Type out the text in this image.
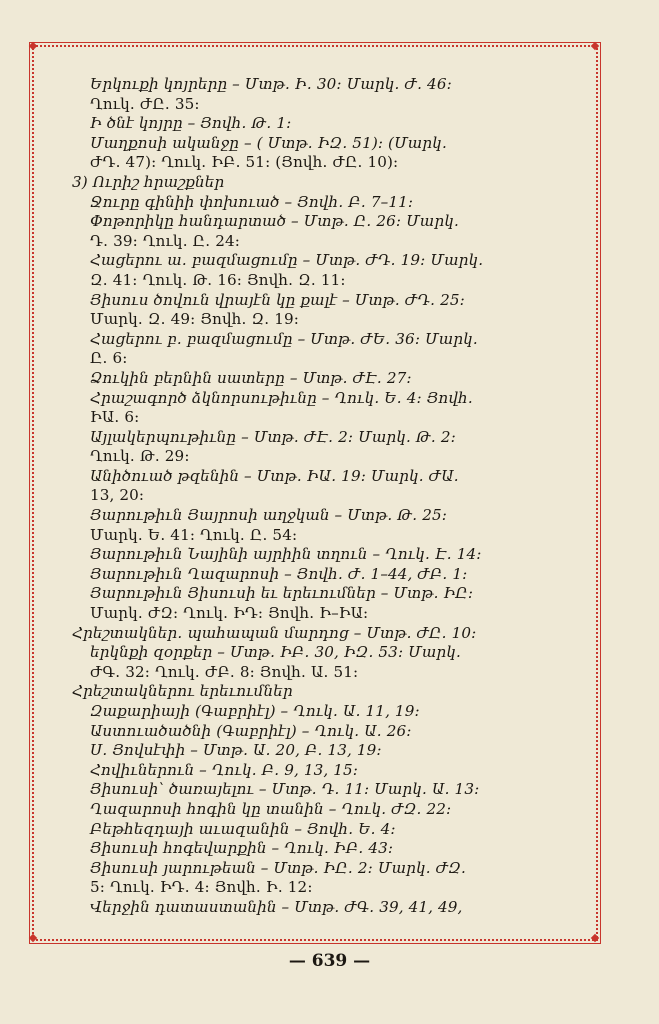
Երկուքի կոյրերը – Մտթ․ Ի․ 30։ Մարկ․ Ժ․ 46։
Ղուկ․ ԺԸ․ 35։
Ի ծնէ կոյրը – Յովհ․ Թ․ 1։
Մաղքոսի ականջը – ( Մտթ․ ԻԶ․ 51)։ (Մարկ․
ԺԴ․ 47)։ Ղուկ․ ԻԲ․ 51։ (Յովհ․ ԺԸ․ 10)։
3) Ուրիշ հրաշքներ
Ջուրը գինիի փոխուած – Յովհ․ Բ․ 7–11։
Փոթորիկը հանդարտած – Մտթ․ Ը․ 26։ Մարկ․
Դ․ 39։ Ղուկ․ Ը․ 24։
Հացերու ա․ բազմացումը – Մտթ․ ԺԴ․ 19։ Մարկ․
Զ․ 41։ Ղուկ․ Թ․ 16։ Յովհ․ Զ․ 11։
Յիսուս ծովուն վրայէն կը քալէ – Մտթ․ ԺԴ․ 25։
Մարկ․ Զ․ 49։ Յովհ․ Զ․ 19։
Հացերու բ․ բազմացումը – Մտթ․ ԺԵ․ 36։ Մարկ․
Ը․ 6։
Ձուկին բերնին սատերը – Մտթ․ ԺԷ․ 27։
Հրաշագործ ձկնորսութիւնը – Ղուկ․ Ե․ 4։ Յովհ․
ԻԱ․ 6։
Այլակերպութիւնը – Մտթ․ ԺԷ․ 2։ Մարկ․ Թ․ 2։
Ղուկ․ Թ․ 29։
Անիծուած թզենին – Մտթ․ ԻԱ․ 19։ Մարկ․ ԺԱ․
13, 20։
Յարութիւն Յայրոսի աղջկան – Մտթ․ Թ․ 25։
Մարկ․ Ե․ 41։ Ղուկ․ Ը․ 54։
Յարութիւն Նայինի այրիին տղուն – Ղուկ․ Է․ 14։
Յարութիւն Ղազարոսի – Յովհ․ Ժ․ 1–44, ԺԲ․ 1։
Յարութիւն Յիսուսի եւ երեւումներ – Մտթ․ ԻԸ։
Մարկ․ ԺԶ։ Ղուկ․ ԻԴ։ Յովհ․ Ի–ԻԱ։
Հրեշտակներ․ պահապան մարդոց – Մտթ․ ԺԸ․ 10։
երկնքի զօրքեր – Մտթ․ ԻԲ․ 30, ԻԶ․ 53։ Մարկ․
ԺԳ․ 32։ Ղուկ․ ԺԲ․ 8։ Յովհ․ Ա․ 51։
Հրեշտակներու երեւումներ
Զաքարիայի (Գաբրիէլ) – Ղուկ․ Ա․ 11, 19։
Աստուածածնի (Գաբրիէլ) – Ղուկ․ Ա․ 26։
Ս․ Յովսէփի – Մտթ․ Ա․ 20, Բ․ 13, 19։
Հովիւներուն – Ղուկ․ Բ․ 9, 13, 15։
Յիսուսի՝ ծառայելու – Մտթ․ Դ․ 11։ Մարկ․ Ա․ 13։
Ղազարոսի հոգին կը տանին – Ղուկ․ ԺԶ․ 22։
Բեթհեզդայի աւազանին – Յովհ․ Ե․ 4։
Յիսուսի հոգեվարքին – Ղուկ․ ԻԲ․ 43։
Յիսուսի յարութեան – Մտթ․ ԻԸ․ 2։ Մարկ․ ԺԶ․
5։ Ղուկ․ ԻԴ․ 4։ Յովհ․ Ի․ 12։
Վերջին դատաստանին – Մտթ․ ԺԳ․ 39, 41, 49,
— 639 —
